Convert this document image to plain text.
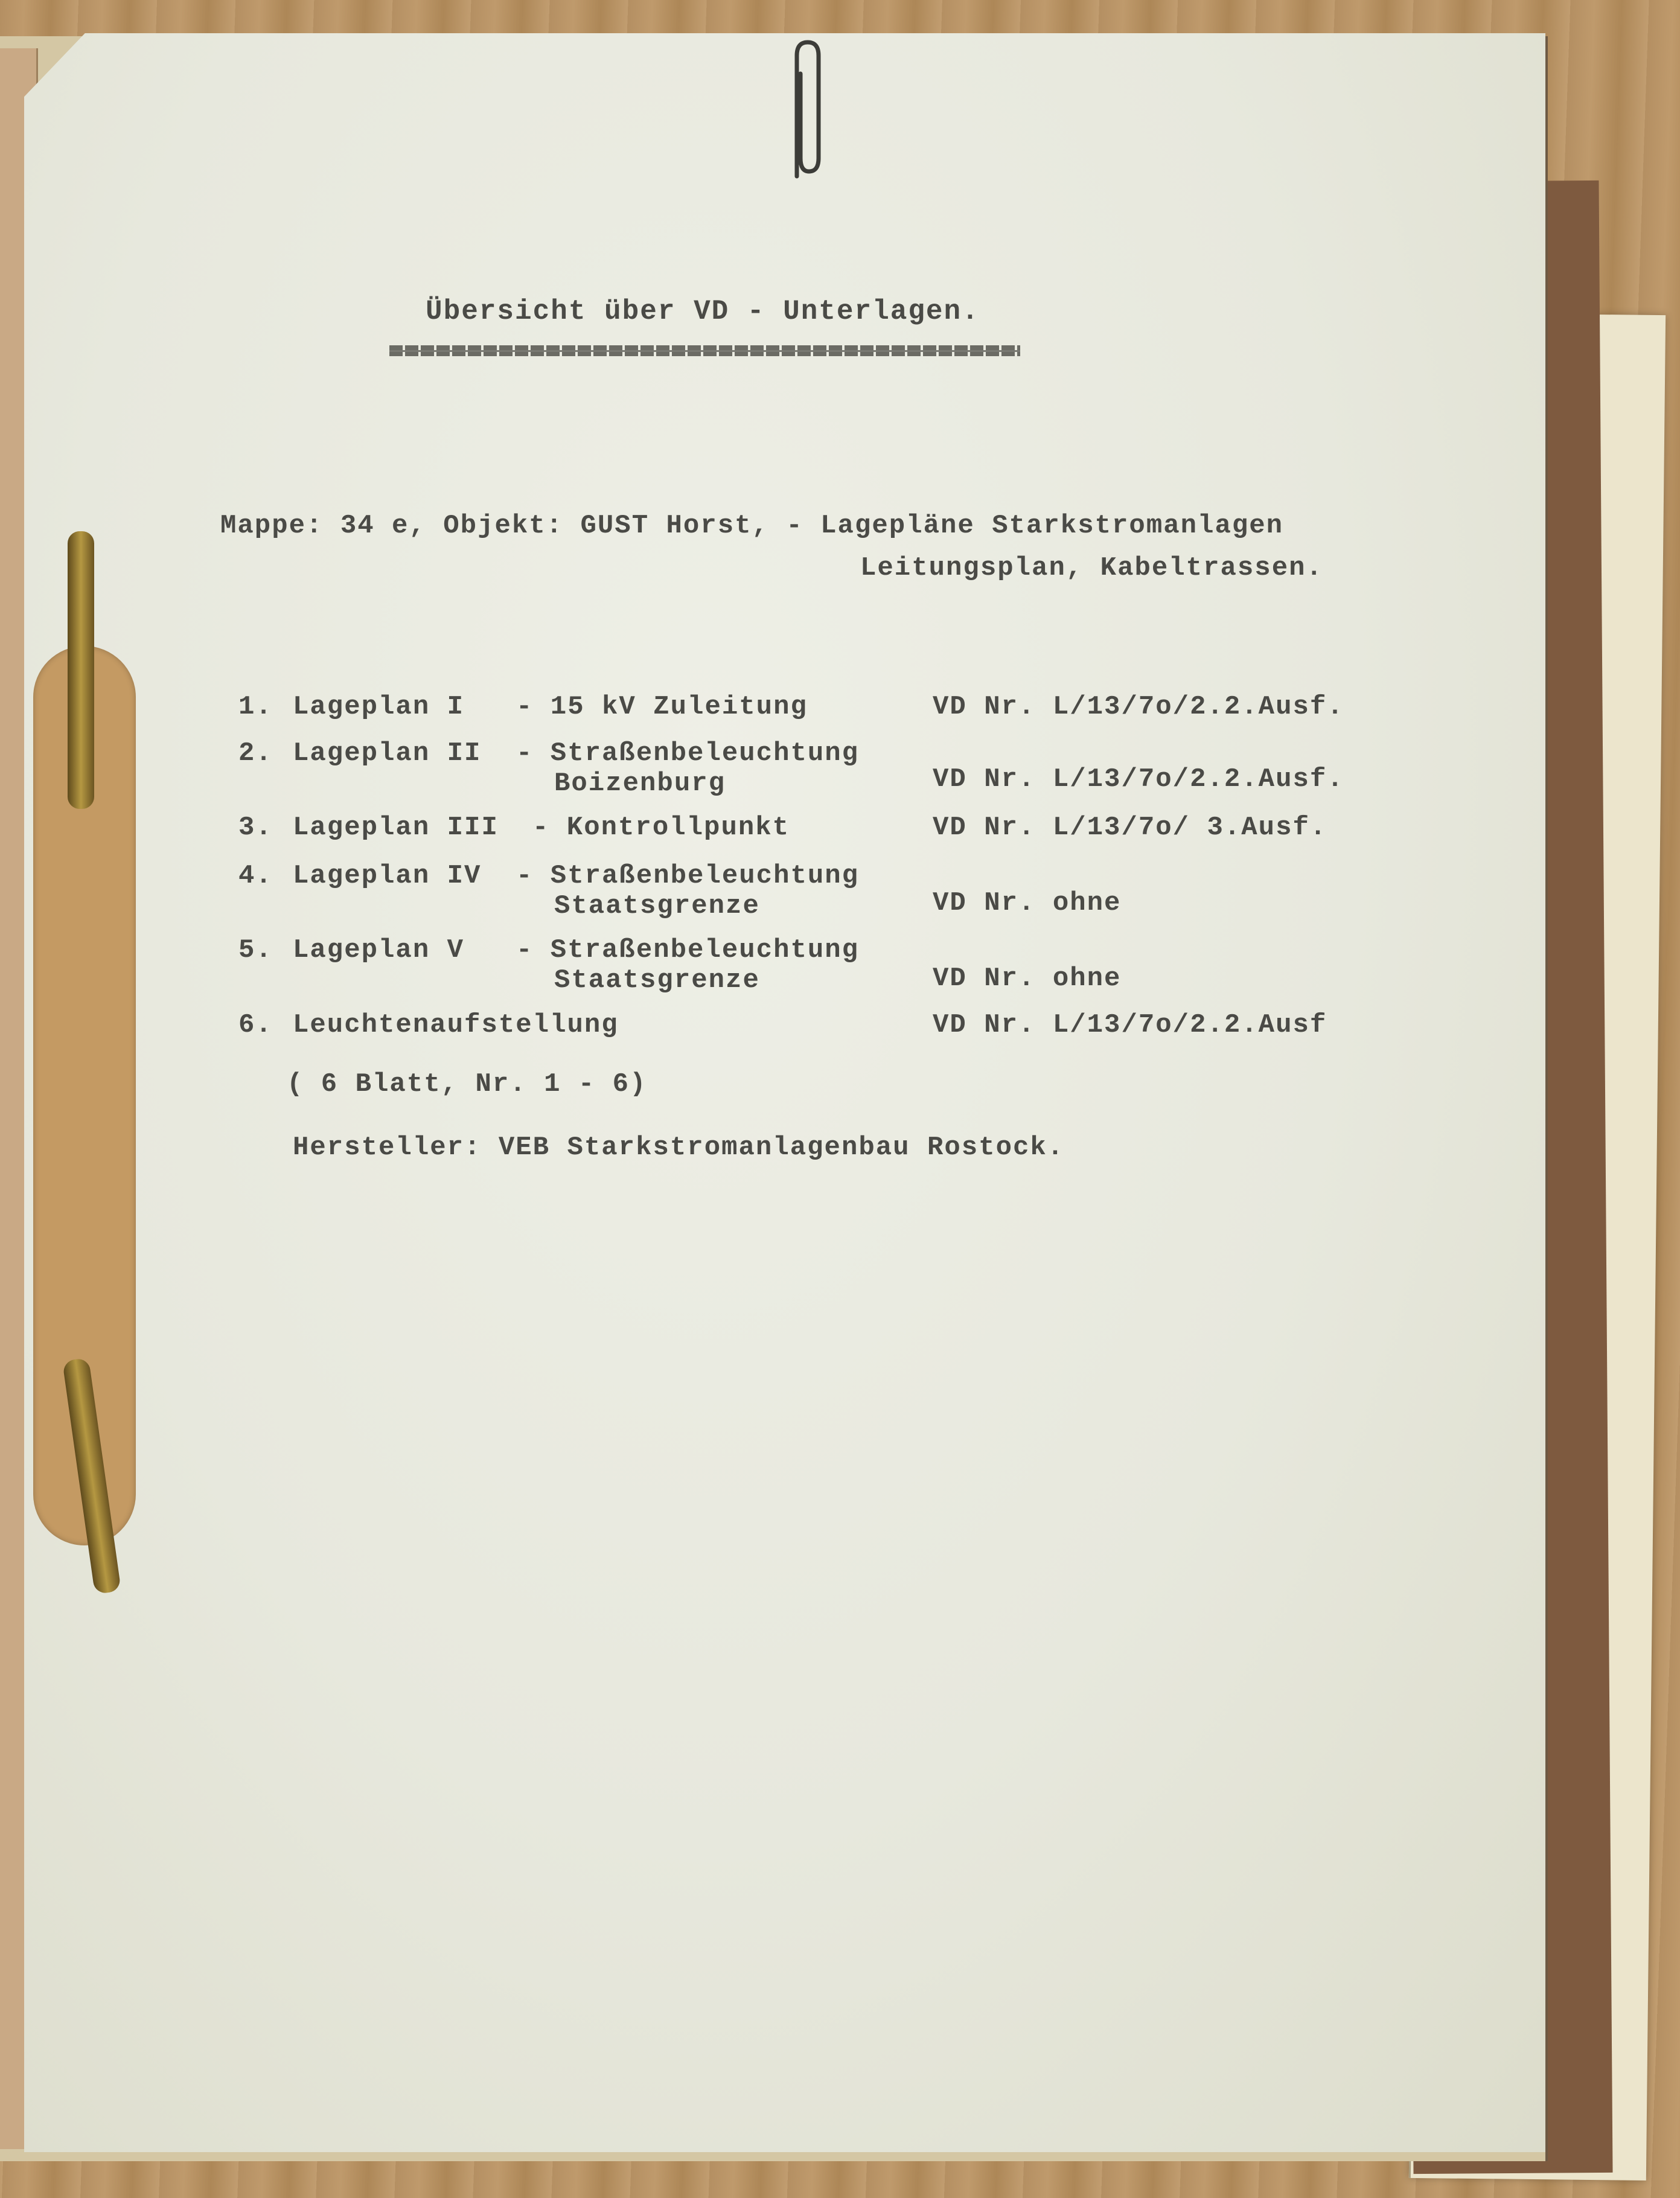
Übersicht über VD - Unterlagen.
Mappe: 34 e, Objekt: GUST Horst, - Lagepläne Starkstromanlagen
Leitungsplan, Kabeltrassen.
1. Lageplan I - 15 kV Zuleitung	VD Nr. L/13/7o/2.2.Ausf.
2. Lageplan II - Straßenbeleuchtung
Boizenburg	VD Nr. L/13/7o/2.2.Ausf.
3. Lageplan III - Kontrollpunkt	VD Nr. L/13/7o/ 3.Ausf.
4. Lageplan IV - Straßenbeleuchtung
Staatsgrenze	VD Nr. ohne
5. Lageplan V - Straßenbeleuchtung
Staatsgrenze	VD Nr. ohne
6. Leuchtenaufstellung	VD Nr. L/13/7o/2.2.Ausf
( 6 Blatt, Nr. 1 - 6)
Hersteller: VEB Starkstromanlagenbau Rostock.
